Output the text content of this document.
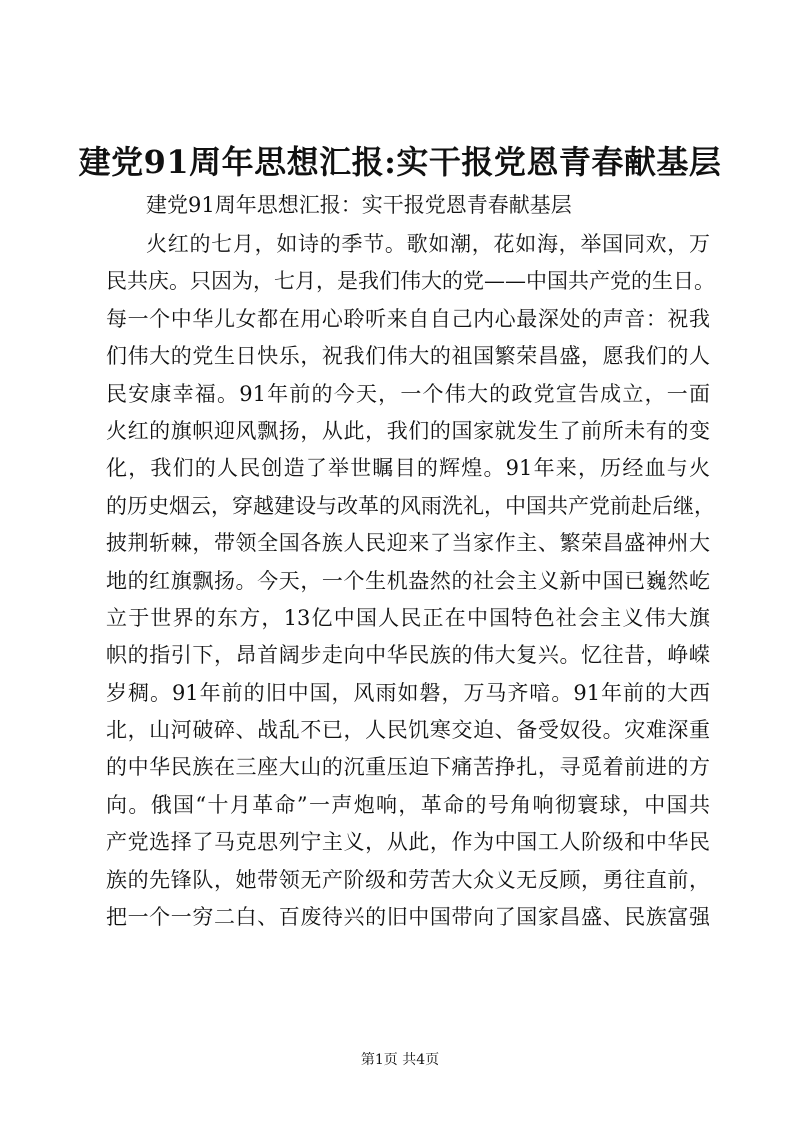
建党91周年思想汇报:实干报党恩青春献基层
建党91周年思想汇报：实干报党恩青春献基层
火红的七月，如诗的季节。歌如潮，花如海，举国同欢，万
民共庆。只因为，七月，是我们伟大的党——中国共产党的生日。
每一个中华儿女都在用心聆听来自自己内心最深处的声音：祝我
们伟大的党生日快乐，祝我们伟大的祖国繁荣昌盛，愿我们的人
民安康幸福。91年前的今天，一个伟大的政党宣告成立，一面
火红的旗帜迎风飘扬，从此，我们的国家就发生了前所未有的变
化，我们的人民创造了举世瞩目的辉煌。91年来，历经血与火
的历史烟云，穿越建设与改革的风雨洗礼，中国共产党前赴后继，
披荆斩棘，带领全国各族人民迎来了当家作主、繁荣昌盛神州大
地的红旗飘扬。今天，一个生机盎然的社会主义新中国已巍然屹
立于世界的东方，13亿中国人民正在中国特色社会主义伟大旗
帜的指引下，昂首阔步走向中华民族的伟大复兴。忆往昔，峥嵘
岁稠。91年前的旧中国，风雨如磐，万马齐喑。91年前的大西
北，山河破碎、战乱不已，人民饥寒交迫、备受奴役。灾难深重
的中华民族在三座大山的沉重压迫下痛苦挣扎，寻觅着前进的方
向。俄国“十月革命”一声炮响，革命的号角响彻寰球，中国共
产党选择了马克思列宁主义，从此，作为中国工人阶级和中华民
族的先锋队，她带领无产阶级和劳苦大众义无反顾，勇往直前，
把一个一穷二白、百废待兴的旧中国带向了国家昌盛、民族富强
第1页 共4页
